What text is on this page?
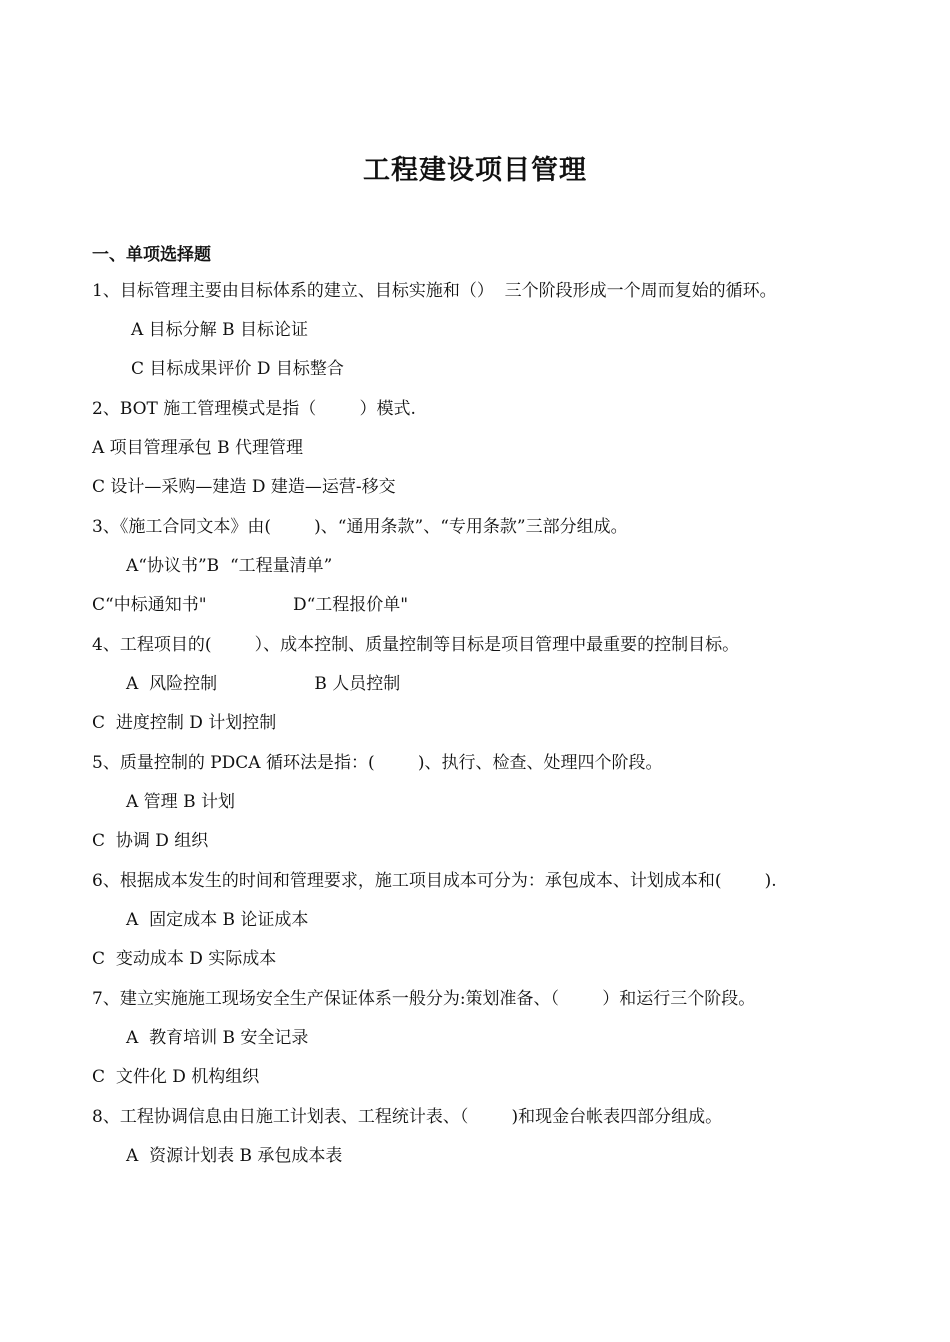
工程建设项目管理
一、单项选择题
1、目标管理主要由目标体系的建立、目标实施和（）  三个阶段形成一个周而复始的循环。
A 目标分解 B 目标论证
C 目标成果评价 D 目标整合
2、BOT 施工管理模式是指（        ）模式.
A 项目管理承包 B 代理管理
C 设计—采购—建造 D 建造—运营-移交
3、《施工合同文本》由(        )、“通用条款”、“专用条款”三部分组成。
A“协议书”B  “工程量清单”
C“中标通知书"                D“工程报价单"
4、工程项目的(        ）、成本控制、质量控制等目标是项目管理中最重要的控制目标。
A  风险控制                  B 人员控制
C  进度控制 D 计划控制
5、质量控制的 PDCA 循环法是指：(        )、执行、检查、处理四个阶段。
A 管理 B 计划
C  协调 D 组织
6、根据成本发生的时间和管理要求，施工项目成本可分为：承包成本、计划成本和(        ).
A  固定成本 B 论证成本
C  变动成本 D 实际成本
7、建立实施施工现场安全生产保证体系一般分为:策划准备、（        ）和运行三个阶段。
A  教育培训 B 安全记录
C  文件化 D 机构组织
8、工程协调信息由日施工计划表、工程统计表、（        )和现金台帐表四部分组成。
A  资源计划表 B 承包成本表
